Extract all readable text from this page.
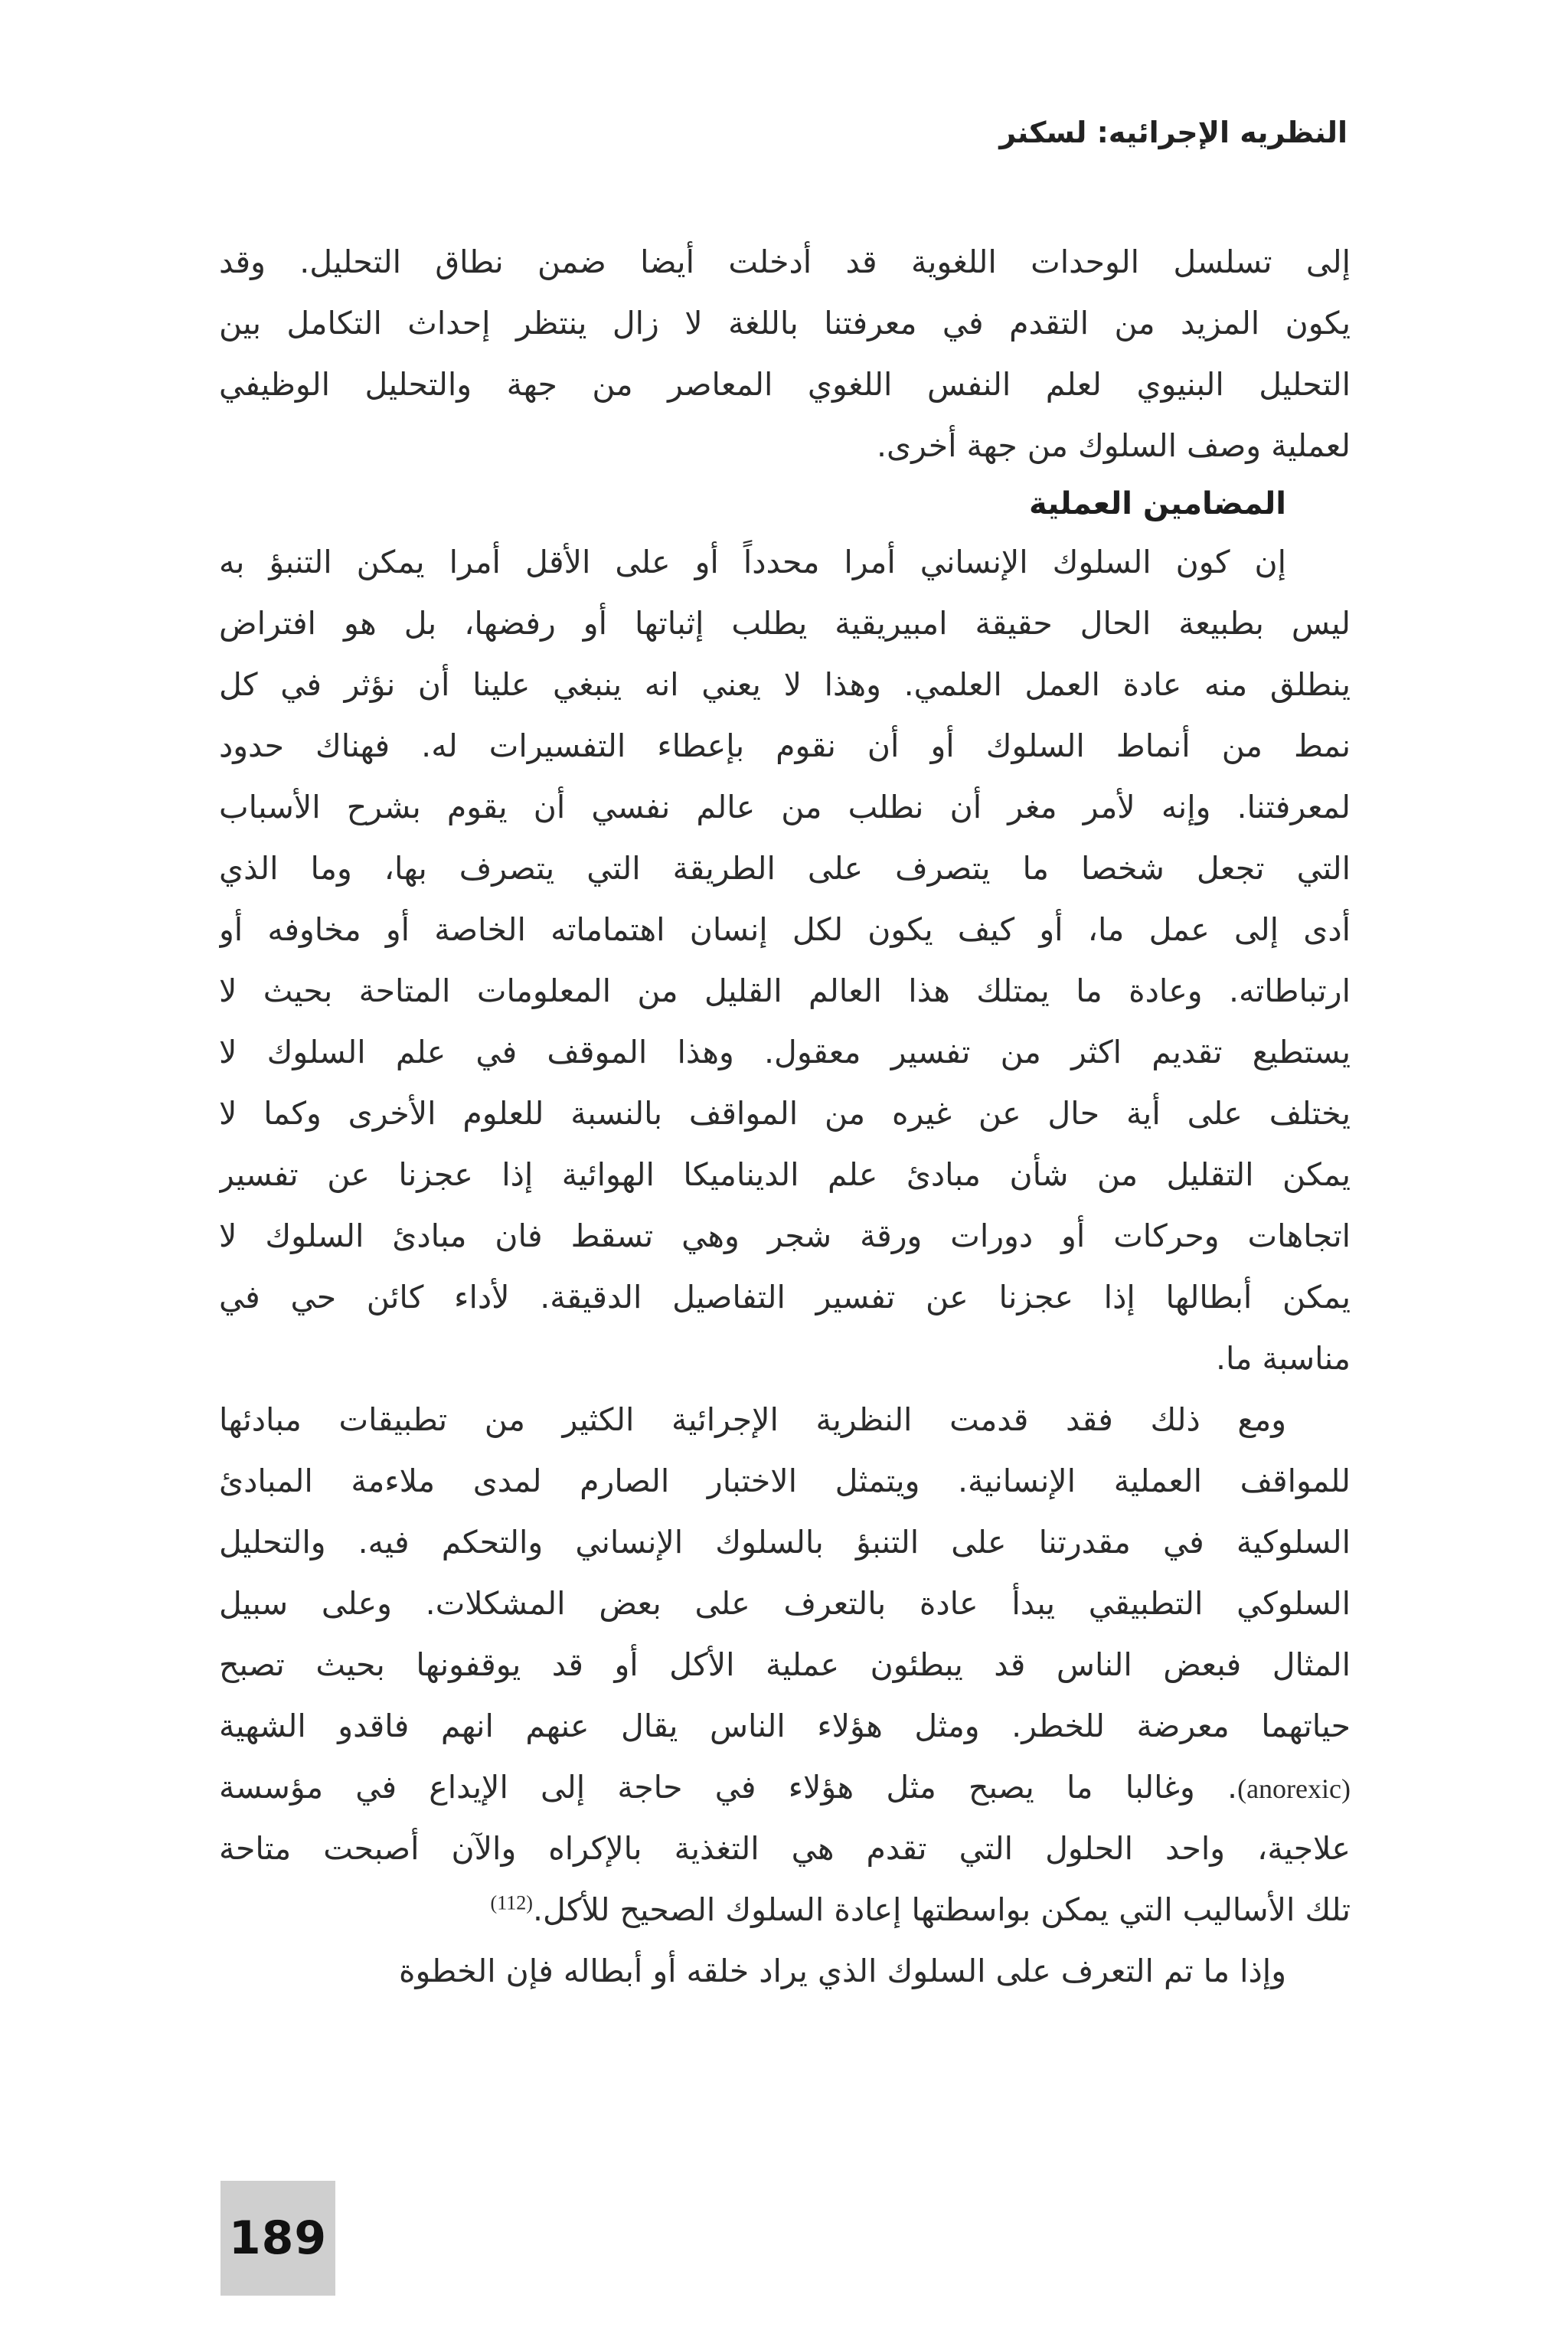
النظريه الإجرائيه: لسكنر
إلى تسلسل الوحدات اللغوية قد أدخلت أيضا ضمن نطاق التحليل. وقد
يكون المزيد من التقدم في معرفتنا باللغة لا زال ينتظر إحداث التكامل بين
التحليل البنيوي لعلم النفس اللغوي المعاصر من جهة والتحليل الوظيفي
لعملية وصف السلوك من جهة أخرى.
المضامين العملية
إن كون السلوك الإنساني أمرا محدداً أو على الأقل أمرا يمكن التنبؤ به
ليس بطبيعة الحال حقيقة امبيريقية يطلب إثباتها أو رفضها، بل هو افتراض
ينطلق منه عادة العمل العلمي. وهذا لا يعني انه ينبغي علينا أن نؤثر في كل
نمط من أنماط السلوك أو أن نقوم بإعطاء التفسيرات له. فهناك حدود
لمعرفتنا. وإنه لأمر مغر أن نطلب من عالم نفسي أن يقوم بشرح الأسباب
التي تجعل شخصا ما يتصرف على الطريقة التي يتصرف بها، وما الذي
أدى إلى عمل ما، أو كيف يكون لكل إنسان اهتماماته الخاصة أو مخاوفه أو
ارتباطاته. وعادة ما يمتلك هذا العالم القليل من المعلومات المتاحة بحيث لا
يستطيع تقديم اكثر من تفسير معقول. وهذا الموقف في علم السلوك لا
يختلف على أية حال عن غيره من المواقف بالنسبة للعلوم الأخرى وكما لا
يمكن التقليل من شأن مبادئ علم الديناميكا الهوائية إذا عجزنا عن تفسير
اتجاهات وحركات أو دورات ورقة شجر وهي تسقط فان مبادئ السلوك لا
يمكن أبطالها إذا عجزنا عن تفسير التفاصيل الدقيقة. لأداء كائن حي في
مناسبة ما.
ومع ذلك فقد قدمت النظرية الإجرائية الكثير من تطبيقات مبادئها
للمواقف العملية الإنسانية. ويتمثل الاختبار الصارم لمدى ملاءمة المبادئ
السلوكية في مقدرتنا على التنبؤ بالسلوك الإنساني والتحكم فيه. والتحليل
السلوكي التطبيقي يبدأ عادة بالتعرف على بعض المشكلات. وعلى سبيل
المثال فبعض الناس قد يبطئون عملية الأكل أو قد يوقفونها بحيث تصبح
حياتهما معرضة للخطر. ومثل هؤلاء الناس يقال عنهم انهم فاقدو الشهية
(anorexic). وغالبا ما يصبح مثل هؤلاء في حاجة إلى الإيداع في مؤسسة
علاجية، واحد الحلول التي تقدم هي التغذية بالإكراه والآن أصبحت متاحة
تلك الأساليب التي يمكن بواسطتها إعادة السلوك الصحيح للأكل.$^{(112)}$
وإذا ما تم التعرف على السلوك الذي يراد خلقه أو أبطاله فإن الخطوة
189
